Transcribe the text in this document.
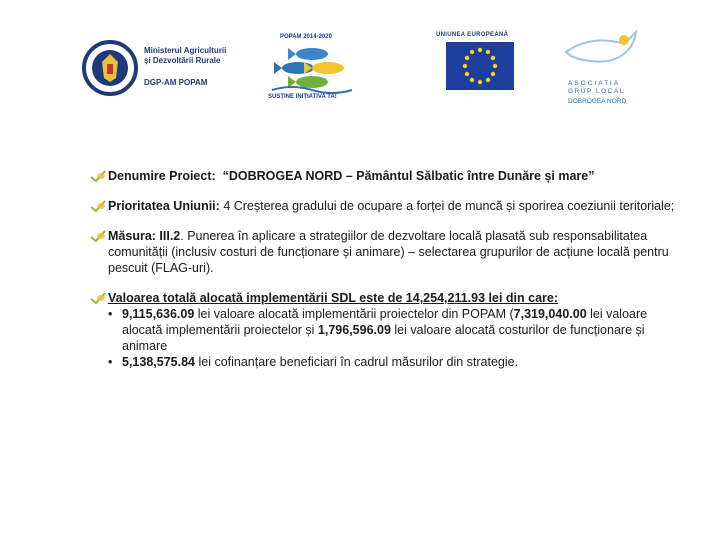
Ministerul Agriculturii
și Dezvoltării Rurale
DGP-AM POPAM
POPAM 2014-2020
SUSȚINE INIȚIATIVA TA!
UNIUNEA EUROPEANĂ
ASOCIATIA
GRUP LOCAL
DOBROGEA NORD
Denumire Proiect: “DOBROGEA NORD – Pământul Sălbatic între Dunăre și mare”
Prioritatea Uniunii: 4 Creșterea gradului de ocupare a forței de muncă și sporirea coeziunii teritoriale;
Măsura: III.2. Punerea în aplicare a strategiilor de dezvoltare locală plasată sub responsabilitatea comunității (inclusiv costuri de funcționare și animare) – selectarea grupurilor de acțiune locală pentru pescuit (FLAG-uri).
Valoarea totală alocată implementării SDL este de 14,254,211.93 lei din care:
• 9,115,636.09 lei valoare alocată implementării proiectelor din POPAM (7,319,040.00 lei valoare alocată implementării proiectelor și 1,796,596.09 lei valoare alocată costurilor de funcționare și animare
• 5,138,575.84 lei cofinanțare beneficiari în cadrul măsurilor din strategie.
